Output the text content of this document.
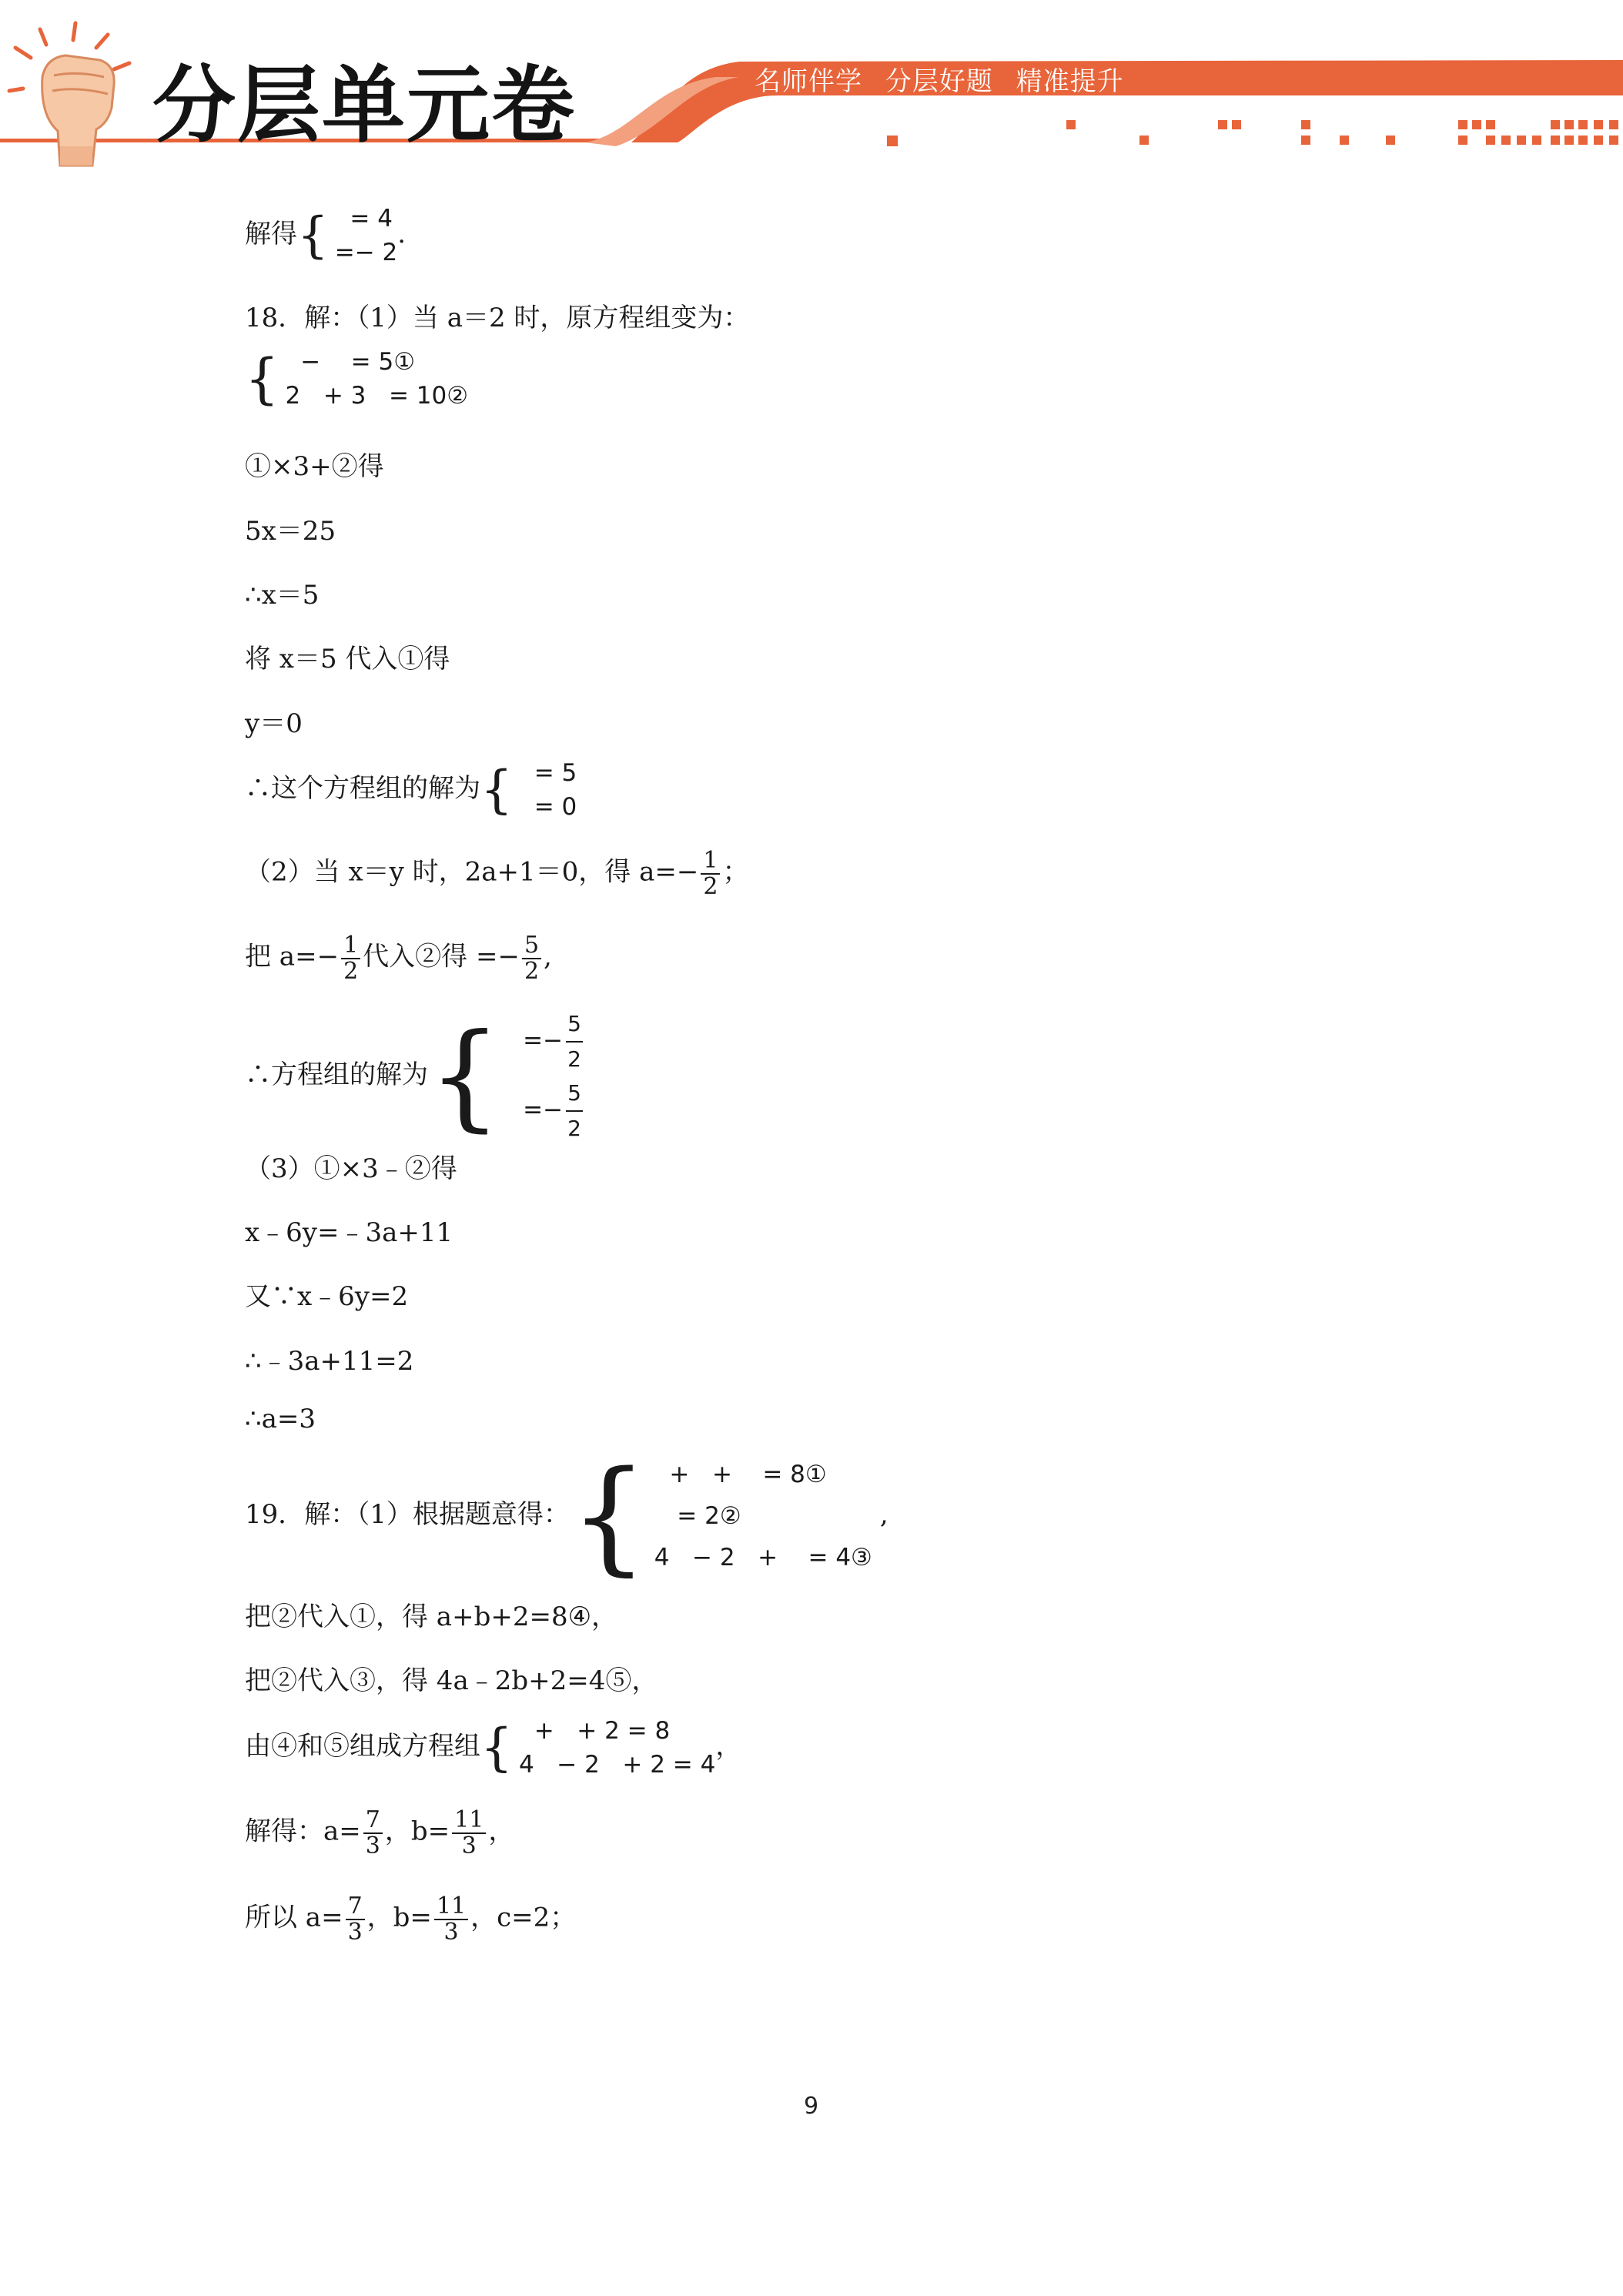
分层单元卷	名师伴学 分层好题 精准提升
解得 { = 4
=− 2
.
18．解：（1）当 a＝2 时，原方程组变为：
{ −    = 5①
2   + 3   = 10②
①×3+②得
5x＝25
∴x＝5
将 x＝5 代入①得
y＝0
∴这个方程组的解为 { = 5
= 0
（2）当 x＝y 时，2a+1＝0，得 $a=- \frac{1}{2}$ ；
把 $a=- \frac{1}{2}$ 代入②得 =− $\frac{5}{2}$ ,
∴方程组的解为 { =− $\frac{5}{2}$
=− $\frac{5}{2}$
（3）①×3﹣②得
x﹣6y=﹣3a+11
又∵x﹣6y=2
∴﹣3a+11=2
∴a=3
19．解：（1）根据题意得： { +   +    = 8①
= 2②
4   − 2   +    = 4③
,
把②代入①，得 a+b+2=8④，
把②代入③，得 4a﹣2b+2=4⑤，
由④和⑤组成方程组 { +   + 2 = 8
4   − 2   + 2 = 4
，
解得：$a= \frac{7}{3}$ ，$b= \frac{11}{3}$ ，
所以 $a= \frac{7}{3}$ ，$b= \frac{11}{3}$ ，c=2；
9
